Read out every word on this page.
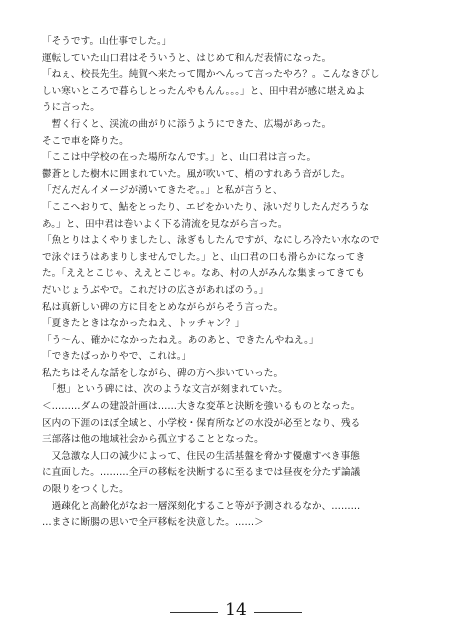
「そうです。山仕事でした。」
運転していた山口君はそういうと、はじめて和んだ表情になった。
「ねぇ、校長先生。純賀へ来たって聞かへんって言ったやろ？。こんなきびし
しい寒いところで暮らしとったんやもんん。。。」と、田中君が感に堪えぬよ
うに言った。
　暫く行くと、渓流の曲がりに添うようにできた、広場があった。
そこで車を降りた。
「ここは中学校の在った場所なんです。」と、山口君は言った。
鬱蒼とした樹木に囲まれていた。風が吹いて、梢のすれあう音がした。
「だんだんイメージが湧いてきたぞ。。」と私が言うと、
「ここへおりて、鮎をとったり、エビをかいたり、泳いだりしたんだろうな
あ。」と、田中君は巻いよく下る清流を見ながら言った。
「魚とりはよくやりましたし、泳ぎもしたんですが、なにしろ冷たい水なので
で泳ぐほうはあまりしませんでした。」と、山口君の口も滑らかになってき
た。「ええとこじゃ、ええとこじゃ。なあ、村の人がみんな集まってきても
だいじょうぶやで。これだけの広さがあればのう。」
私は真新しい碑の方に目をとめながらがらそう言った。
「夏きたときはなかったねえ、トッチャン？」
「う～ん、確かになかったねえ。あのあと、できたんやねえ。」
「できたばっかりやで、これは。」
私たちはそんな話をしながら、碑の方へ歩いていった。
　「想」という碑には、次のような文言が刻まれていた。
＜………ダムの建設計画は……大きな変革と決断を強いるものとなった。
区内の下涯のほぼ全域と、小学校・保育所などの水没が必至となり、残る
三部落は他の地域社会から孤立することとなった。
　又急激な人口の減少によって、住民の生活基盤を脅かす優慮すべき事態
に直面した。………全戸の移転を決断するに至るまでは昼夜を分たず論議
の限りをつくした。
　過疎化と高齢化がなお一層深刻化すること等が予測されるなか、………
…まさに断腸の思いで全戸移転を決意した。……＞
14
